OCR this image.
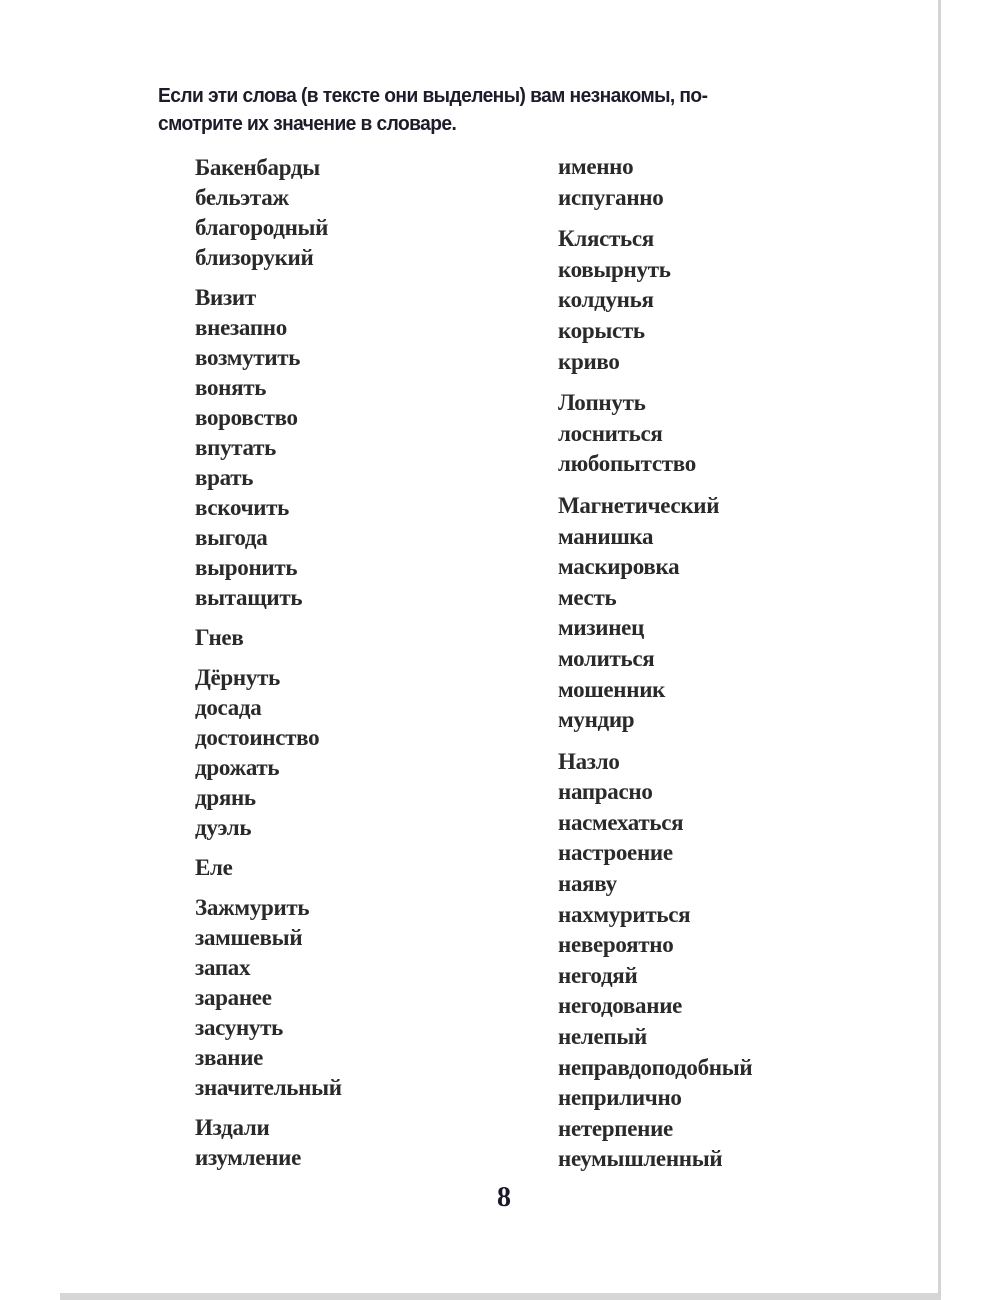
Если эти слова (в тексте они выделены) вам незнакомы, по-
смотрите их значение в словаре.
Бакенбарды
бельэтаж
благородный
близорукий
Визит
внезапно
возмутить
вонять
воровство
впутать
врать
вскочить
выгода
выронить
вытащить
Гнев
Дёрнуть
досада
достоинство
дрожать
дрянь
дуэль
Еле
Зажмурить
замшевый
запах
заранее
засунуть
звание
значительный
Издали
изумление
именно
испуганно
Клясться
ковырнуть
колдунья
корысть
криво
Лопнуть
лосниться
любопытство
Магнетический
манишка
маскировка
месть
мизинец
молиться
мошенник
мундир
Назло
напрасно
насмехаться
настроение
наяву
нахмуриться
невероятно
негодяй
негодование
нелепый
неправдоподобный
неприлично
нетерпение
неумышленный
8
